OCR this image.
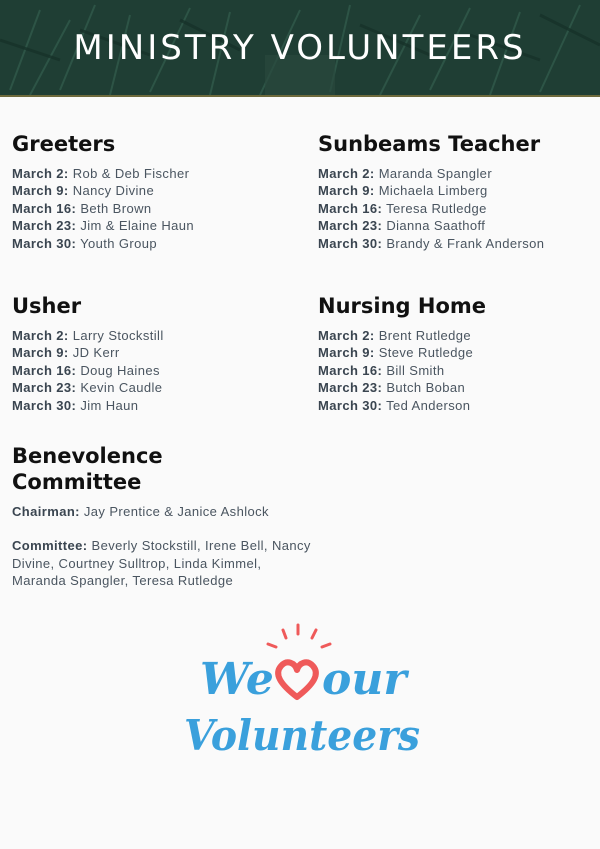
MINISTRY VOLUNTEERS
Greeters
March 2: Rob & Deb Fischer
March 9: Nancy Divine
March 16: Beth Brown
March 23: Jim & Elaine Haun
March 30: Youth Group
Sunbeams Teacher
March 2: Maranda Spangler
March 9: Michaela Limberg
March 16: Teresa Rutledge
March 23: Dianna Saathoff
March 30: Brandy & Frank Anderson
Usher
March 2: Larry Stockstill
March 9: JD Kerr
March 16: Doug Haines
March 23: Kevin Caudle
March 30: Jim Haun
Nursing Home
March 2: Brent Rutledge
March 9: Steve Rutledge
March 16: Bill Smith
March 23: Butch Boban
March 30: Ted Anderson
Benevolence
Committee
Chairman: Jay Prentice & Janice Ashlock
Committee: Beverly Stockstill, Irene Bell, Nancy Divine, Courtney Sulltrop, Linda Kimmel, Maranda Spangler, Teresa Rutledge
We our
Volunteers
